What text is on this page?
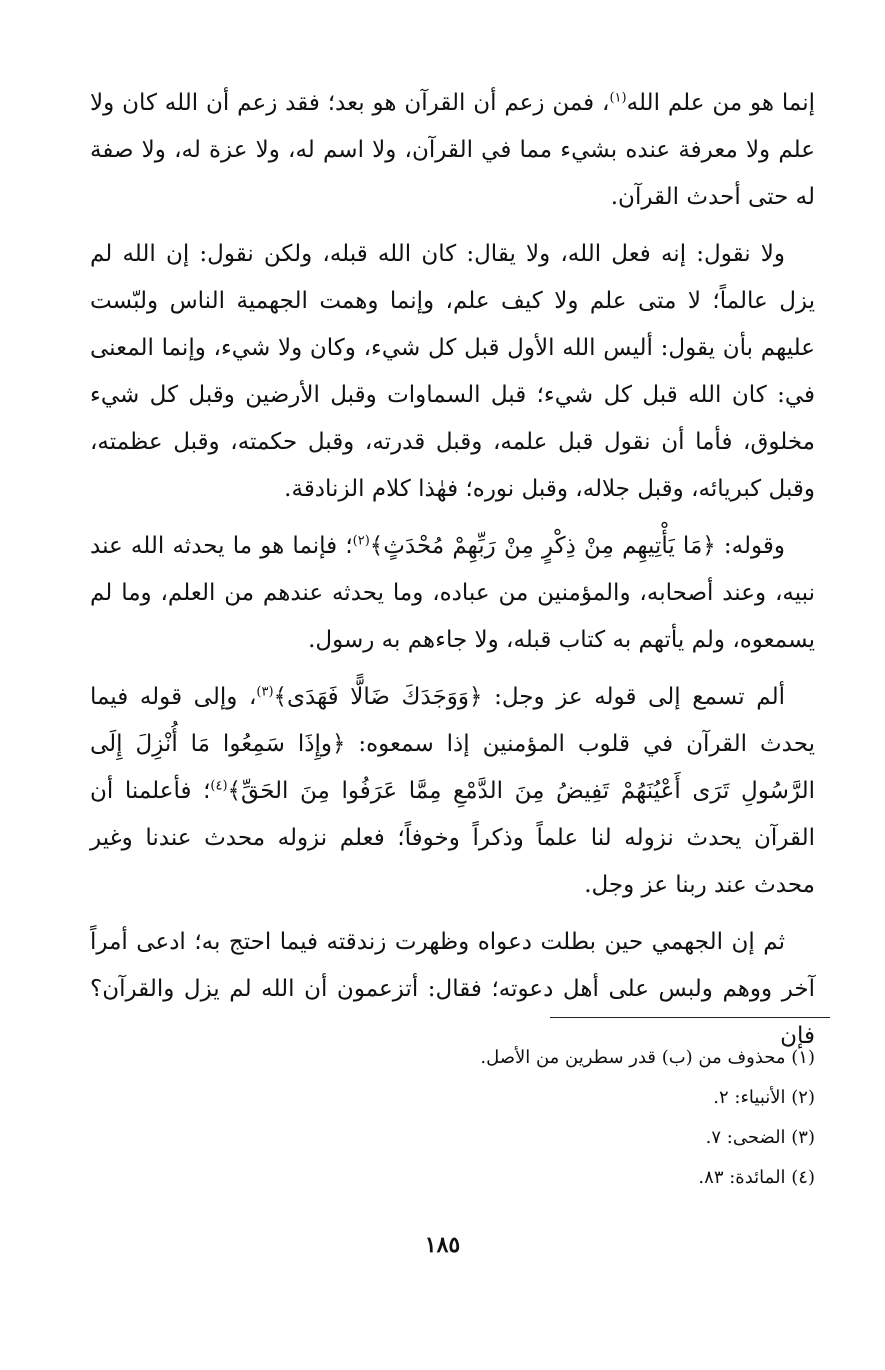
إنما هو من علم الله$^{(١)}$، فمن زعم أن القرآن هو بعد؛ فقد زعم أن الله كان ولا علم ولا معرفة عنده بشيء مما في القرآن، ولا اسم له، ولا عزة له، ولا صفة له حتى أحدث القرآن.

ولا نقول: إنه فعل الله، ولا يقال: كان الله قبله، ولكن نقول: إن الله لم يزل عالماً؛ لا متى علم ولا كيف علم، وإنما وهمت الجهمية الناس ولبّست عليهم بأن يقول: أليس الله الأول قبل كل شيء، وكان ولا شيء، وإنما المعنى في: كان الله قبل كل شيء؛ قبل السماوات وقبل الأرضين وقبل كل شيء مخلوق، فأما أن نقول قبل علمه، وقبل قدرته، وقبل حكمته، وقبل عظمته، وقبل كبريائه، وقبل جلاله، وقبل نوره؛ فهٰذا كلام الزنادقة.

وقوله: ﴿مَا يَأْتِيهِم مِنْ ذِكْرٍ مِنْ رَبِّهِمْ مُحْدَثٍ﴾$^{(٢)}$؛ فإنما هو ما يحدثه الله عند نبيه، وعند أصحابه، والمؤمنين من عباده، وما يحدثه عندهم من العلم، وما لم يسمعوه، ولم يأتهم به كتاب قبله، ولا جاءهم به رسول.

ألم تسمع إلى قوله عز وجل: ﴿وَوَجَدَكَ ضَالًّا فَهَدَى﴾$^{(٣)}$، وإلى قوله فيما يحدث القرآن في قلوب المؤمنين إذا سمعوه: ﴿وإِذَا سَمِعُوا مَا أُنْزِلَ إِلَى الرَّسُولِ تَرَى أَعْيُنَهُمْ تَفِيضُ مِنَ الدَّمْعِ مِمَّا عَرَفُوا مِنَ الحَقِّ﴾$^{(٤)}$؛ فأعلمنا أن القرآن يحدث نزوله لنا علماً وذكراً وخوفاً؛ فعلم نزوله محدث عندنا وغير محدث عند ربنا عز وجل.

ثم إن الجهمي حين بطلت دعواه وظهرت زندقته فيما احتج به؛ ادعى أمراً آخر ووهم ولبس على أهل دعوته؛ فقال: أتزعمون أن الله لم يزل والقرآن؟ فإن

(١) محذوف من (ب) قدر سطرين من الأصل.

(٢) الأنبياء: ٢.

(٣) الضحى: ٧.

(٤) المائدة: ٨٣.

١٨٥
